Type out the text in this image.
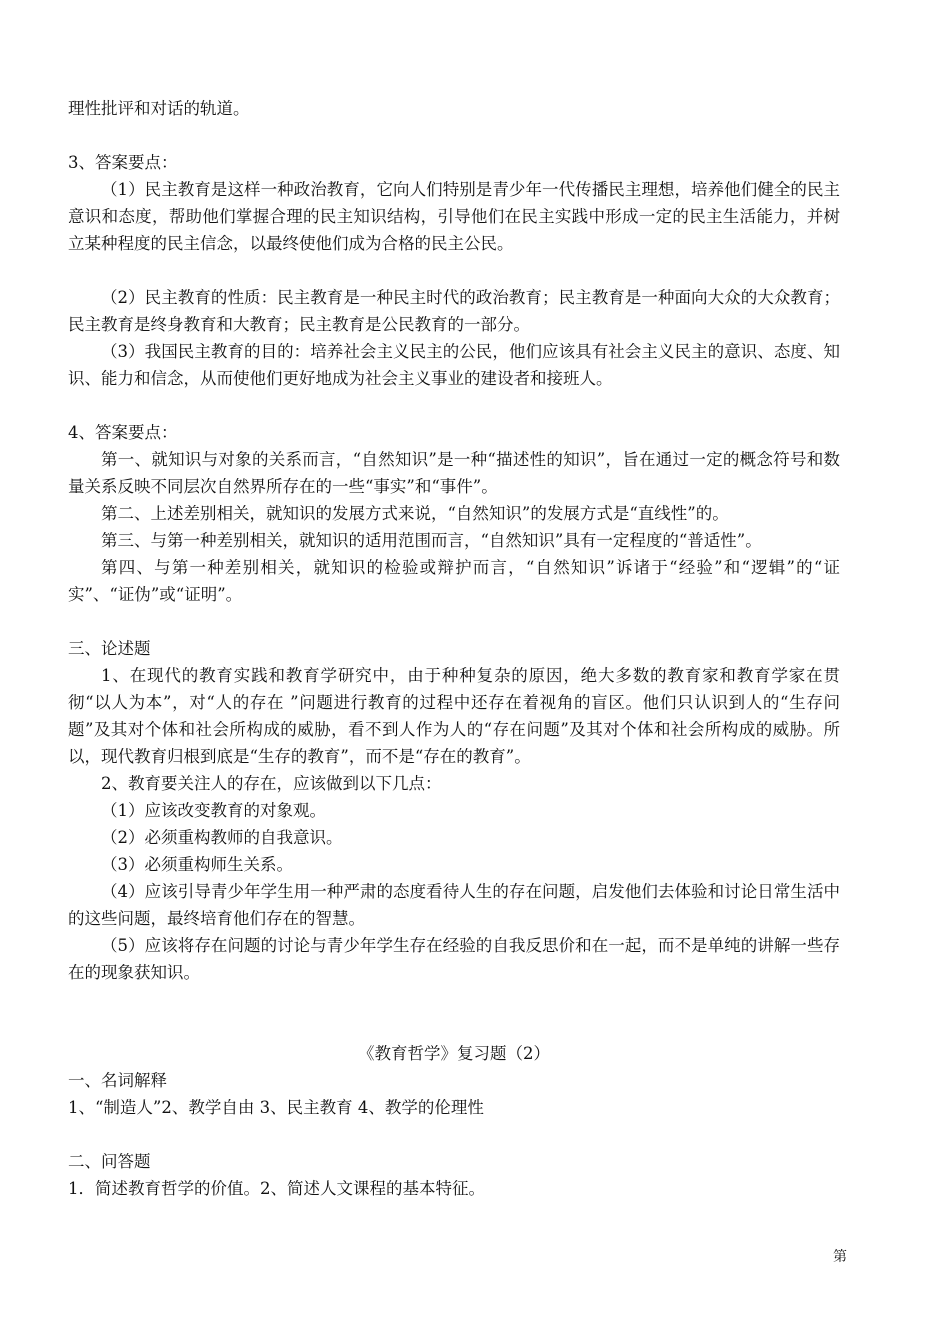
理性批评和对话的轨道。

3、答案要点：

（1）民主教育是这样一种政治教育，它向人们特别是青少年一代传播民主理想，培养他们健全的民主意识和态度，帮助他们掌握合理的民主知识结构，引导他们在民主实践中形成一定的民主生活能力，并树立某种程度的民主信念，以最终使他们成为合格的民主公民。

（2）民主教育的性质：民主教育是一种民主时代的政治教育；民主教育是一种面向大众的大众教育；民主教育是终身教育和大教育；民主教育是公民教育的一部分。

（3）我国民主教育的目的：培养社会主义民主的公民，他们应该具有社会主义民主的意识、态度、知识、能力和信念，从而使他们更好地成为社会主义事业的建设者和接班人。

4、答案要点：

第一、就知识与对象的关系而言，“自然知识”是一种“描述性的知识”，旨在通过一定的概念符号和数量关系反映不同层次自然界所存在的一些“事实”和“事件”。

第二、上述差别相关，就知识的发展方式来说，“自然知识”的发展方式是“直线性”的。

第三、与第一种差别相关，就知识的适用范围而言，“自然知识”具有一定程度的“普适性”。

第四、与第一种差别相关，就知识的检验或辩护而言，“自然知识”诉诸于“经验”和“逻辑”的“证实”、“证伪”或“证明”。

三、论述题

1、在现代的教育实践和教育学研究中，由于种种复杂的原因，绝大多数的教育家和教育学家在贯彻“以人为本”，对“人的存在 ”问题进行教育的过程中还存在着视角的盲区。他们只认识到人的“生存问题”及其对个体和社会所构成的威胁，看不到人作为人的“存在问题”及其对个体和社会所构成的威胁。所以，现代教育归根到底是“生存的教育”，而不是“存在的教育”。

2、教育要关注人的存在，应该做到以下几点：

（1）应该改变教育的对象观。

（2）必须重构教师的自我意识。

（3）必须重构师生关系。

（4）应该引导青少年学生用一种严肃的态度看待人生的存在问题，启发他们去体验和讨论日常生活中的这些问题，最终培育他们存在的智慧。

（5）应该将存在问题的讨论与青少年学生存在经验的自我反思价和在一起，而不是单纯的讲解一些存在的现象获知识。

《教育哲学》复习题（2）

一、名词解释

1、“制造人”2、教学自由 3、民主教育 4、教学的伦理性

二、问答题

1．简述教育哲学的价值。2、简述人文课程的基本特征。

第
